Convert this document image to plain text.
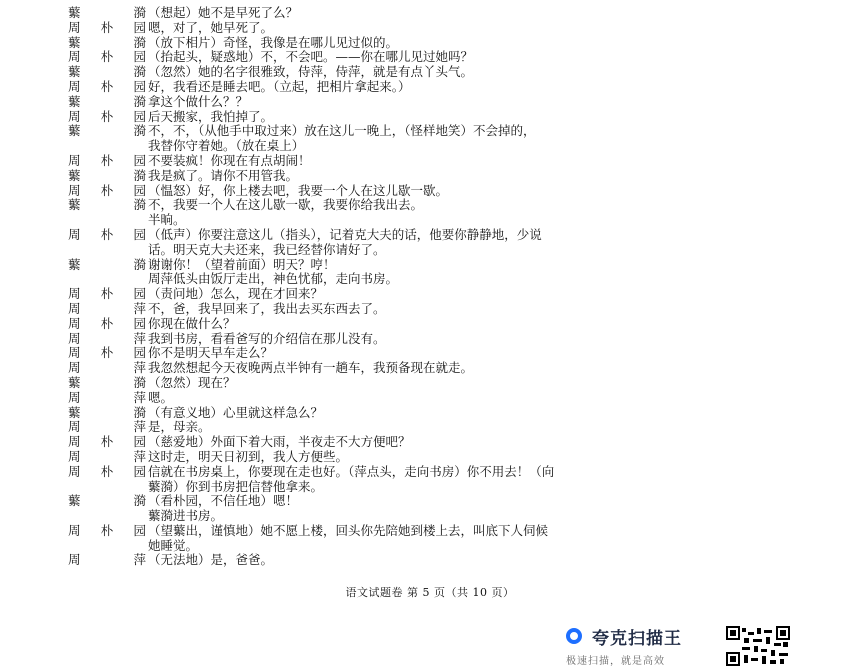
蘩　漪 （想起）她不是早死了么？
周朴园 嗯，对了，她早死了。
蘩　漪 （放下相片）奇怪，我像是在哪儿见过似的。
周朴园 （抬起头，疑惑地）不，不会吧。——你在哪儿见过她吗？
蘩　漪 （忽然）她的名字很雅致，侍萍，侍萍，就是有点丫头气。
周朴园 好，我看还是睡去吧。（立起，把相片拿起来。）
蘩　漪 拿这个做什么？？
周朴园 后天搬家，我怕掉了。
蘩　漪 不，不，（从他手中取过来）放在这儿一晚上，（怪样地笑）不会掉的，
我替你守着她。（放在桌上）
周朴园 不要装疯！你现在有点胡闹！
蘩　漪 我是疯了。请你不用管我。
周朴园 （愠怒）好，你上楼去吧，我要一个人在这儿歇一歇。
蘩　漪 不，我要一个人在这儿歇一歇，我要你给我出去。
半晌。
周朴园 （低声）你要注意这儿（指头），记着克大夫的话，他要你静静地，少说
话。明天克大夫还来，我已经替你请好了。
蘩　漪 谢谢你！（望着前面）明天？哼！
周萍低头由饭厅走出，神色忧郁，走向书房。
周朴园 （责问地）怎么，现在才回来？
周　萍 不，爸，我早回来了，我出去买东西去了。
周朴园 你现在做什么？
周　萍 我到书房，看看爸写的介绍信在那儿没有。
周朴园 你不是明天早车走么？
周　萍 我忽然想起今天夜晚两点半钟有一趟车，我预备现在就走。
蘩　漪 （忽然）现在？
周　萍 嗯。
蘩　漪 （有意义地）心里就这样急么？
周　萍 是，母亲。
周朴园 （慈爱地）外面下着大雨，半夜走不大方便吧？
周　萍 这时走，明天日初到，我人方便些。
周朴园 信就在书房桌上，你要现在走也好。（萍点头，走向书房）你不用去！（向
蘩漪）你到书房把信替他拿来。
蘩　漪 （看朴园，不信任地）嗯！
蘩漪进书房。
周朴园 （望蘩出，谨慎地）她不愿上楼，回头你先陪她到楼上去，叫底下人伺候
她睡觉。
周　萍 （无法地）是，爸爸。
语文试题卷 第 5 页（共 10 页）
夸克扫描王
极速扫描，就是高效
